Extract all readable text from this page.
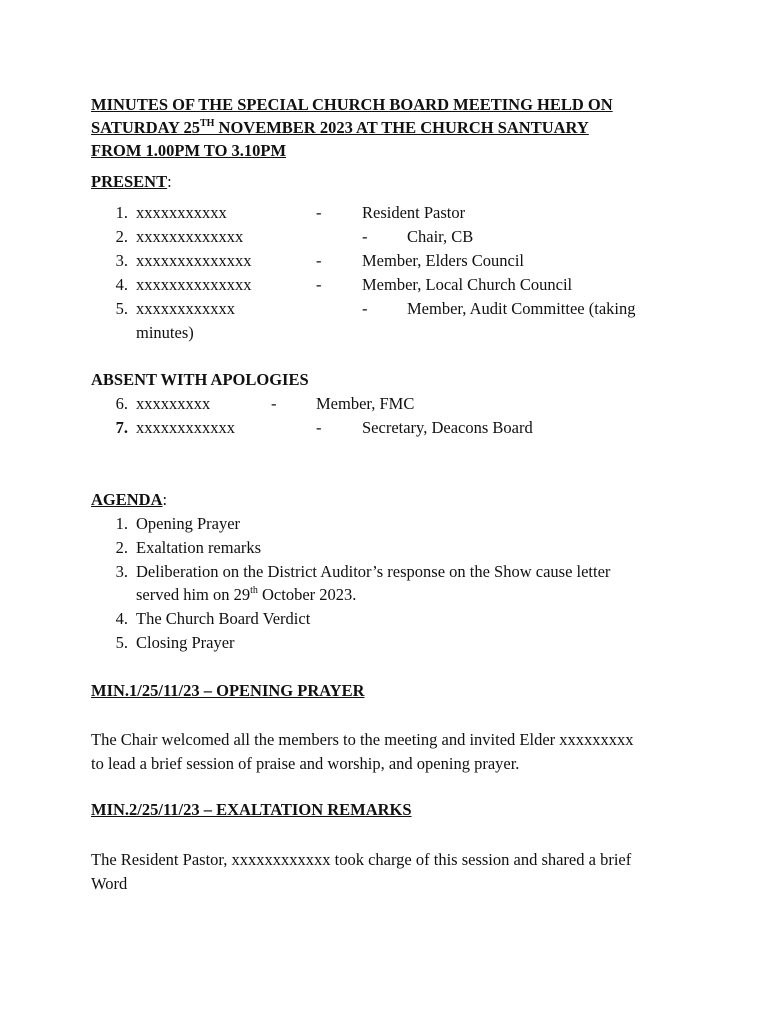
MINUTES OF THE SPECIAL CHURCH BOARD MEETING HELD ON
SATURDAY 25TH NOVEMBER 2023 AT THE CHURCH SANTUARY
FROM 1.00PM TO 3.10PM
PRESENT:
1. xxxxxxxxxxx	- Resident Pastor
2. xxxxxxxxxxxxx	- Chair, CB
3. xxxxxxxxxxxxxx	- Member, Elders Council
4. xxxxxxxxxxxxxx	- Member, Local Church Council
5. xxxxxxxxxxxx	- Member, Audit Committee (taking
minutes)
ABSENT WITH APOLOGIES
6. xxxxxxxxx	- Member, FMC
7. xxxxxxxxxxxx	- Secretary, Deacons Board
AGENDA:
1. Opening Prayer
2. Exaltation remarks
3. Deliberation on the District Auditor’s response on the Show cause letter
served him on 29th October 2023.
4. The Church Board Verdict
5. Closing Prayer
MIN.1/25/11/23 – OPENING PRAYER
The Chair welcomed all the members to the meeting and invited Elder xxxxxxxxx
to lead a brief session of praise and worship, and opening prayer.
MIN.2/25/11/23 – EXALTATION REMARKS
The Resident Pastor, xxxxxxxxxxxx took charge of this session and shared a brief
Word
